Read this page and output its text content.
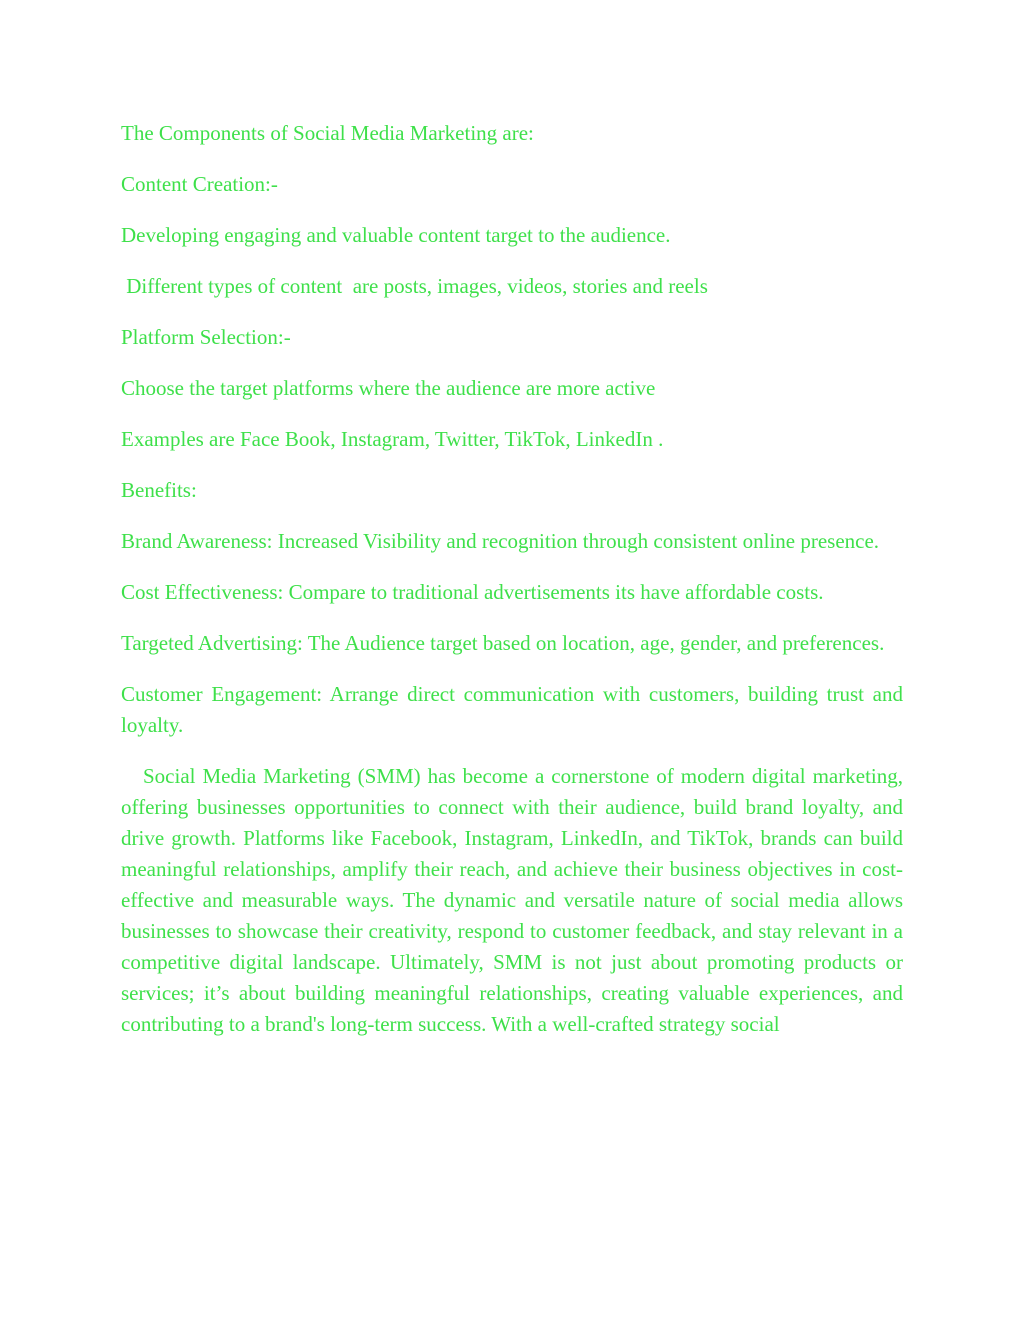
The Components of Social Media Marketing are:

Content Creation:-

Developing engaging and valuable content target to the audience.

Different types of content  are posts, images, videos, stories and reels

Platform Selection:-

Choose the target platforms where the audience are more active

Examples are Face Book, Instagram, Twitter, TikTok, LinkedIn .

Benefits:

Brand Awareness: Increased Visibility and recognition through consistent online presence.

Cost Effectiveness: Compare to traditional advertisements its have affordable costs.

Targeted Advertising: The Audience target based on location, age, gender, and preferences.

Customer Engagement: Arrange direct communication with customers, building trust and loyalty.

Social Media Marketing (SMM) has become a cornerstone of modern digital marketing, offering businesses opportunities to connect with their audience, build brand loyalty, and drive growth. Platforms like Facebook, Instagram, LinkedIn, and TikTok, brands can build meaningful relationships, amplify their reach, and achieve their business objectives in cost-effective and measurable ways. The dynamic and versatile nature of social media allows businesses to showcase their creativity, respond to customer feedback, and stay relevant in a competitive digital landscape. Ultimately, SMM is not just about promoting products or services; it’s about building meaningful relationships, creating valuable experiences, and contributing to a brand's long-term success. With a well-crafted strategy social
